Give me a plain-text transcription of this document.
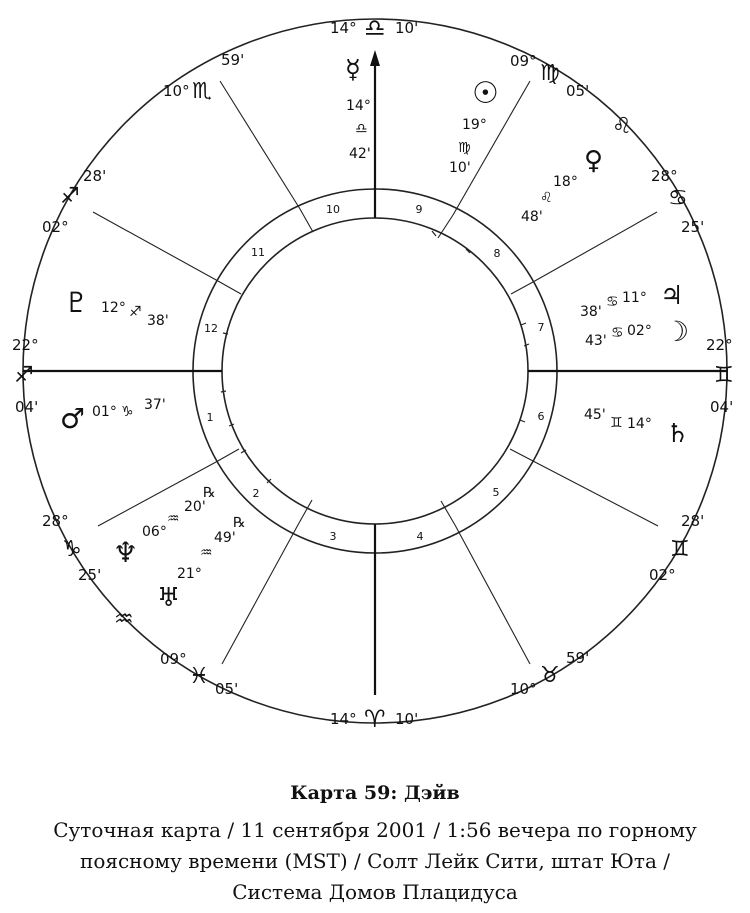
1
2
3	4
5
6
7
8
9
10
11
12
14° ♎ 10'
10° ♏
59'
28'
♐
02°
22°
♐
04'
28°
♑
25'
♒
09°
♓ 05'
14° ♈ 10'
10°
♉
59'
28'
♊
02°
22°
♊
04'
28°
♋
25'
♌
09° ♍
05'
☿
14°
♎
42'
☉
19°
♍
10'	♀
18°
♌
48'
38'
♋ 11° ♃
43' ♋ 02° ☽
45' ♊ 14° ♄
♇ 12° ♐
38'
♂ 01° ♑ 37'
♆
06°
♒
20'
℞
♅
21°
♒
49'
℞
Карта 59: Дэйв
Суточная карта / 11 сентября 2001 / 1:56 вечера по горному
поясному времени (MST) / Солт Лейк Сити, штат Юта /
Система Домов Плацидуса
